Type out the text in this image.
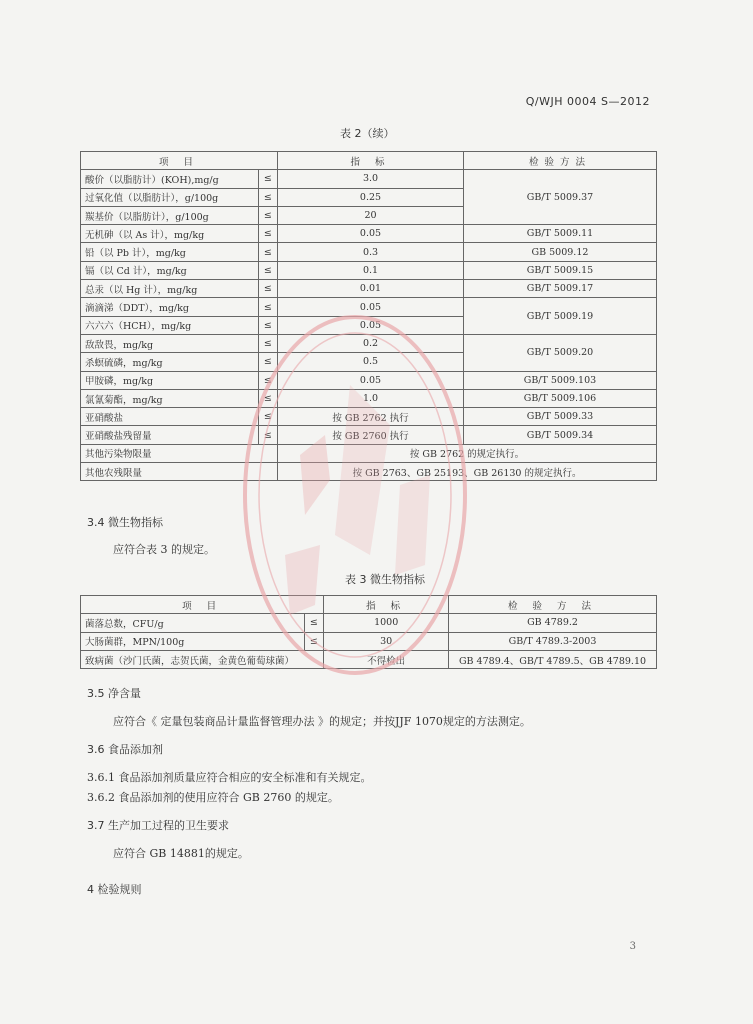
Q/WJH 0004 S—2012
表 2（续）
项 目		指 标	检验方法
酸价（以脂肪计）(KOH),mg/g	≤	3.0	GB/T 5009.37
过氧化值（以脂肪计），g/100g	≤	0.25	
羰基价（以脂肪计），g/100g	≤	20	
无机砷（以 As 计），mg/kg	≤	0.05	GB/T 5009.11
铅（以 Pb 计），mg/kg	≤	0.3	GB 5009.12
镉（以 Cd 计），mg/kg	≤	0.1	GB/T 5009.15
总汞（以 Hg 计），mg/kg	≤	0.01	GB/T 5009.17
滴滴涕（DDT），mg/kg	≤	0.05	GB/T 5009.19
六六六（HCH），mg/kg	≤	0.05	
敌敌畏，mg/kg	≤	0.2	GB/T 5009.20
杀螟硫磷，mg/kg	≤	0.5	
甲胺磷，mg/kg	≤	0.05	GB/T 5009.103
氯氰菊酯，mg/kg	≤	1.0	GB/T 5009.106
亚硝酸盐	≤	按 GB 2762 执行	GB/T 5009.33
亚硝酸盐残留量	≤	按 GB 2760 执行	GB/T 5009.34
其他污染物限量		按 GB 2762 的规定执行。	
其他农残限量		按 GB 2763、GB 25193、GB 26130 的规定执行。	
3.4 微生物指标
应符合表 3 的规定。
表 3 微生物指标
项 目		指 标	检 验 方 法
菌落总数，CFU/g	≤	1000	GB 4789.2
大肠菌群，MPN/100g	≤	30	GB/T 4789.3-2003
致病菌（沙门氏菌，志贺氏菌，金黄色葡萄球菌）		不得检出	GB 4789.4、GB/T 4789.5、GB 4789.10
3.5 净含量
应符合《 定量包装商品计量监督管理办法 》的规定；并按JJF 1070规定的方法测定。
3.6 食品添加剂
3.6.1 食品添加剂质量应符合相应的安全标准和有关规定。
3.6.2 食品添加剂的使用应符合 GB 2760 的规定。
3.7 生产加工过程的卫生要求
应符合 GB 14881的规定。
4 检验规则
3
